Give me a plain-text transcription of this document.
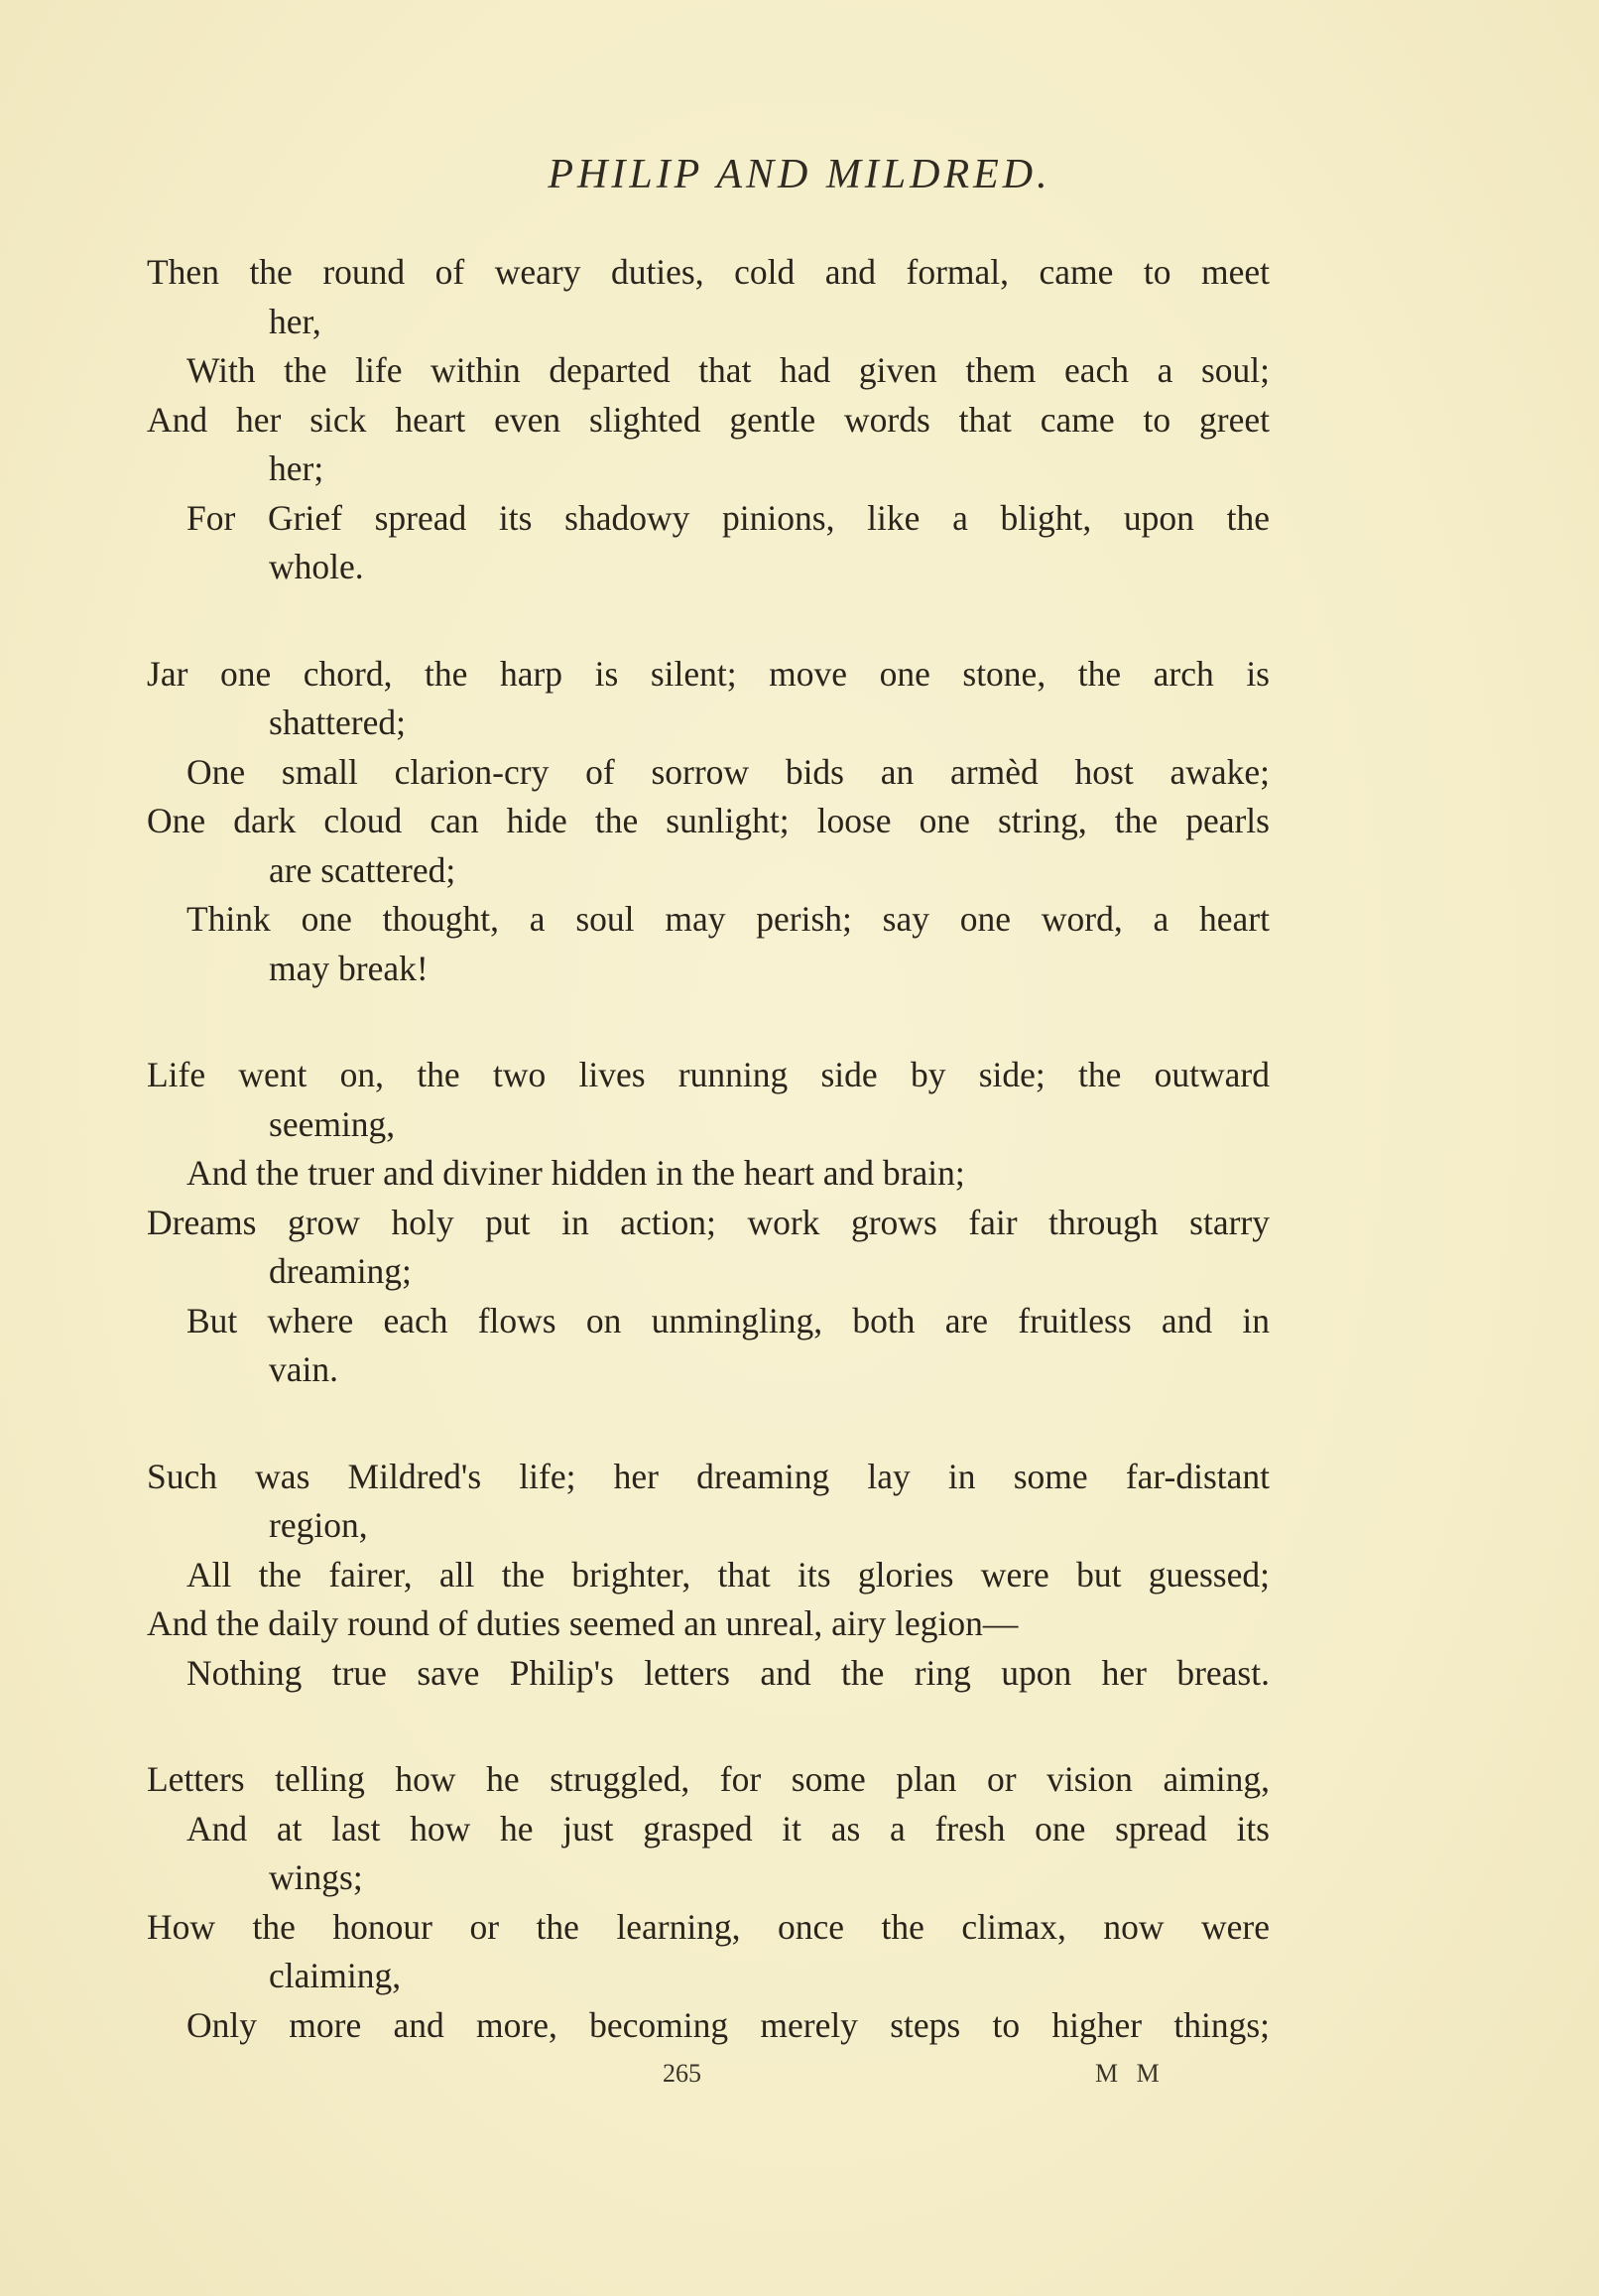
PHILIP AND MILDRED.
Then the round of weary duties, cold and formal, came to meet
her,
With the life within departed that had given them each a soul;
And her sick heart even slighted gentle words that came to greet
her;
For Grief spread its shadowy pinions, like a blight, upon the
whole.
Jar one chord, the harp is silent; move one stone, the arch is
shattered;
One small clarion-cry of sorrow bids an armèd host awake;
One dark cloud can hide the sunlight; loose one string, the pearls
are scattered;
Think one thought, a soul may perish; say one word, a heart
may break!
Life went on, the two lives running side by side; the outward
seeming,
And the truer and diviner hidden in the heart and brain;
Dreams grow holy put in action; work grows fair through starry
dreaming;
But where each flows on unmingling, both are fruitless and in
vain.
Such was Mildred's life; her dreaming lay in some far-distant
region,
All the fairer, all the brighter, that its glories were but guessed;
And the daily round of duties seemed an unreal, airy legion—
Nothing true save Philip's letters and the ring upon her breast.
Letters telling how he struggled, for some plan or vision aiming,
And at last how he just grasped it as a fresh one spread its
wings;
How the honour or the learning, once the climax, now were
claiming,
Only more and more, becoming merely steps to higher things;
265	M M
